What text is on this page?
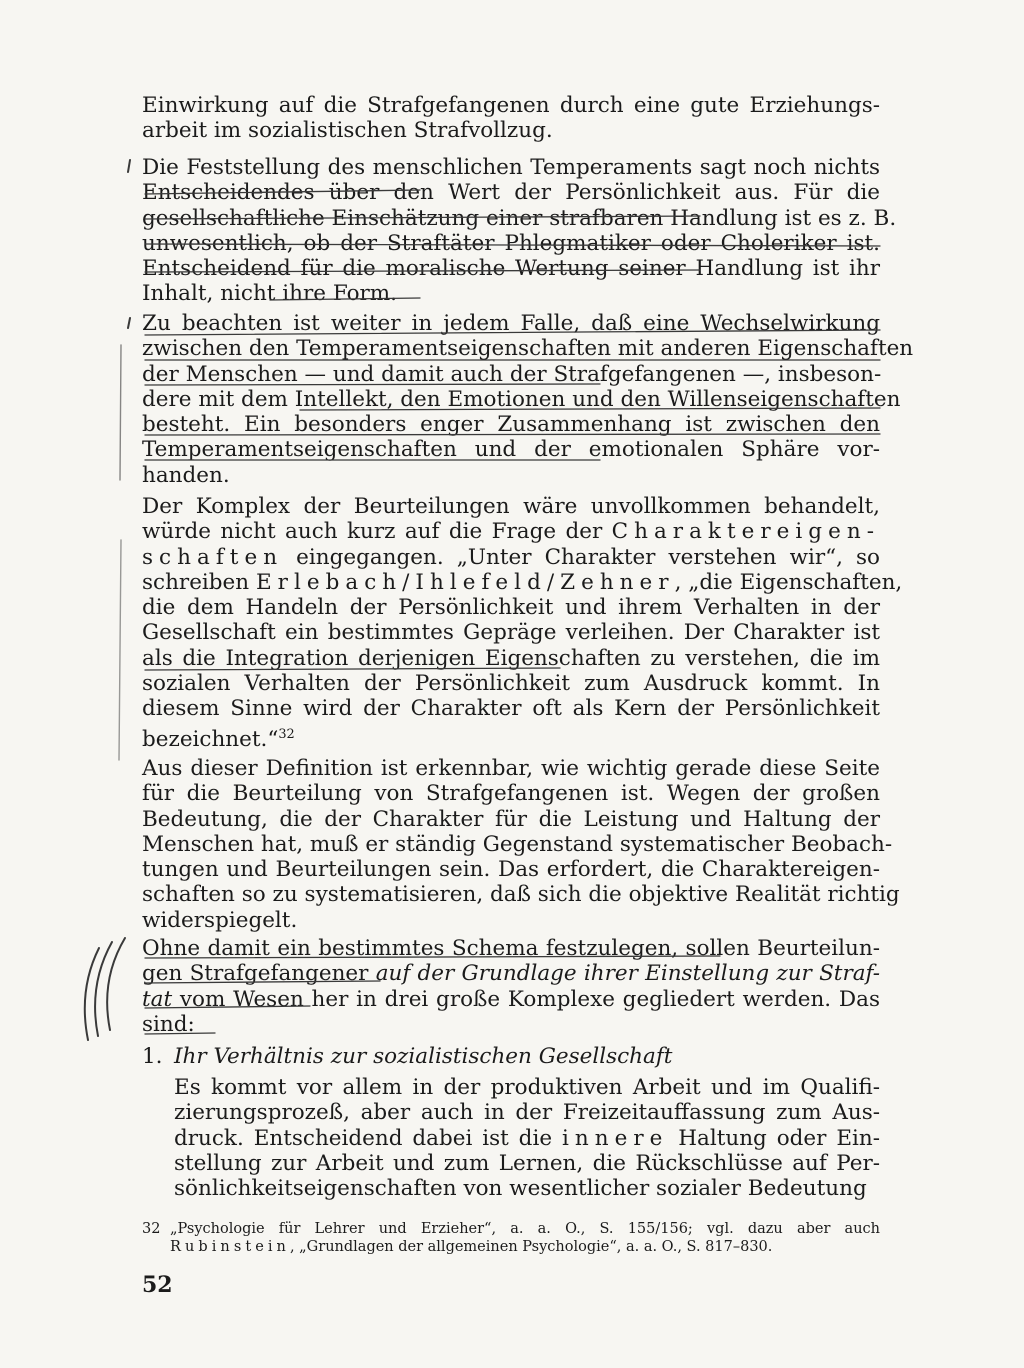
Einwirkung auf die Strafgefangenen durch eine gute Erziehungs-
arbeit im sozialistischen Strafvollzug.
Die Feststellung des menschlichen Temperaments sagt noch nichts
Entscheidendes über den Wert der Persönlichkeit aus. Für die
gesellschaftliche Einschätzung einer strafbaren Handlung ist es z. B.
unwesentlich, ob der Straftäter Phlegmatiker oder Choleriker ist.
Entscheidend für die moralische Wertung seiner Handlung ist ihr
Inhalt, nicht ihre Form.
Zu beachten ist weiter in jedem Falle, daß eine Wechselwirkung
zwischen den Temperamentseigenschaften mit anderen Eigenschaften
der Menschen — und damit auch der Strafgefangenen —, insbeson-
dere mit dem Intellekt, den Emotionen und den Willenseigenschaften
besteht. Ein besonders enger Zusammenhang ist zwischen den
Temperamentseigenschaften und der emotionalen Sphäre vor-
handen.
Der Komplex der Beurteilungen wäre unvollkommen behandelt,
würde nicht auch kurz auf die Frage der Charaktereigen-
schaften eingegangen. „Unter Charakter verstehen wir“, so
schreiben Erlebach/Ihlefeld/Zehner, „die Eigenschaften,
die dem Handeln der Persönlichkeit und ihrem Verhalten in der
Gesellschaft ein bestimmtes Gepräge verleihen. Der Charakter ist
als die Integration derjenigen Eigenschaften zu verstehen, die im
sozialen Verhalten der Persönlichkeit zum Ausdruck kommt. In
diesem Sinne wird der Charakter oft als Kern der Persönlichkeit
bezeichnet.“$^{32}$
Aus dieser Definition ist erkennbar, wie wichtig gerade diese Seite
für die Beurteilung von Strafgefangenen ist. Wegen der großen
Bedeutung, die der Charakter für die Leistung und Haltung der
Menschen hat, muß er ständig Gegenstand systematischer Beobach-
tungen und Beurteilungen sein. Das erfordert, die Charaktereigen-
schaften so zu systematisieren, daß sich die objektive Realität richtig
widerspiegelt.
Ohne damit ein bestimmtes Schema festzulegen, sollen Beurteilun-
gen Strafgefangener auf der Grundlage ihrer Einstellung zur Straf-
tat vom Wesen her in drei große Komplexe gegliedert werden. Das
sind:
1. Ihr Verhältnis zur sozialistischen Gesellschaft
Es kommt vor allem in der produktiven Arbeit und im Qualifi-
zierungsprozeß, aber auch in der Freizeitauffassung zum Aus-
druck. Entscheidend dabei ist die innere Haltung oder Ein-
stellung zur Arbeit und zum Lernen, die Rückschlüsse auf Per-
sönlichkeitseigenschaften von wesentlicher sozialer Bedeutung
32 „Psychologie für Lehrer und Erzieher“, a. a. O., S. 155/156; vgl. dazu aber auch
Rubinstein, „Grundlagen der allgemeinen Psychologie“, a. a. O., S. 817–830.
52
